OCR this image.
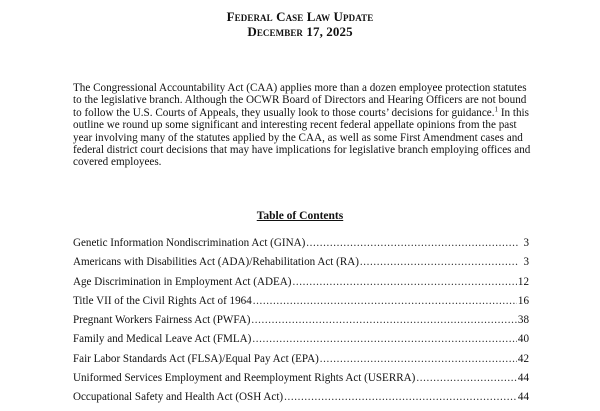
Federal Case Law Update
December 17, 2025

The Congressional Accountability Act (CAA) applies more than a dozen employee protection statutes to the legislative branch. Although the OCWR Board of Directors and Hearing Officers are not bound to follow the U.S. Courts of Appeals, they usually look to those courts’ decisions for guidance.$^1$ In this outline we round up some significant and interesting recent federal appellate opinions from the past year involving many of the statutes applied by the CAA, as well as some First Amendment cases and federal district court decisions that may have implications for legislative branch employing offices and covered employees.

Table of Contents
Genetic Information Nondiscrimination Act (GINA) .....	3
Americans with Disabilities Act (ADA)/Rehabilitation Act (RA) .....	3
Age Discrimination in Employment Act (ADEA) .....	12
Title VII of the Civil Rights Act of 1964 .....	16
Pregnant Workers Fairness Act (PWFA) .....	38
Family and Medical Leave Act (FMLA) .....	40
Fair Labor Standards Act (FLSA)/Equal Pay Act (EPA) .....	42
Uniformed Services Employment and Reemployment Rights Act (USERRA) .....	44
Occupational Safety and Health Act (OSH Act) .....	44
